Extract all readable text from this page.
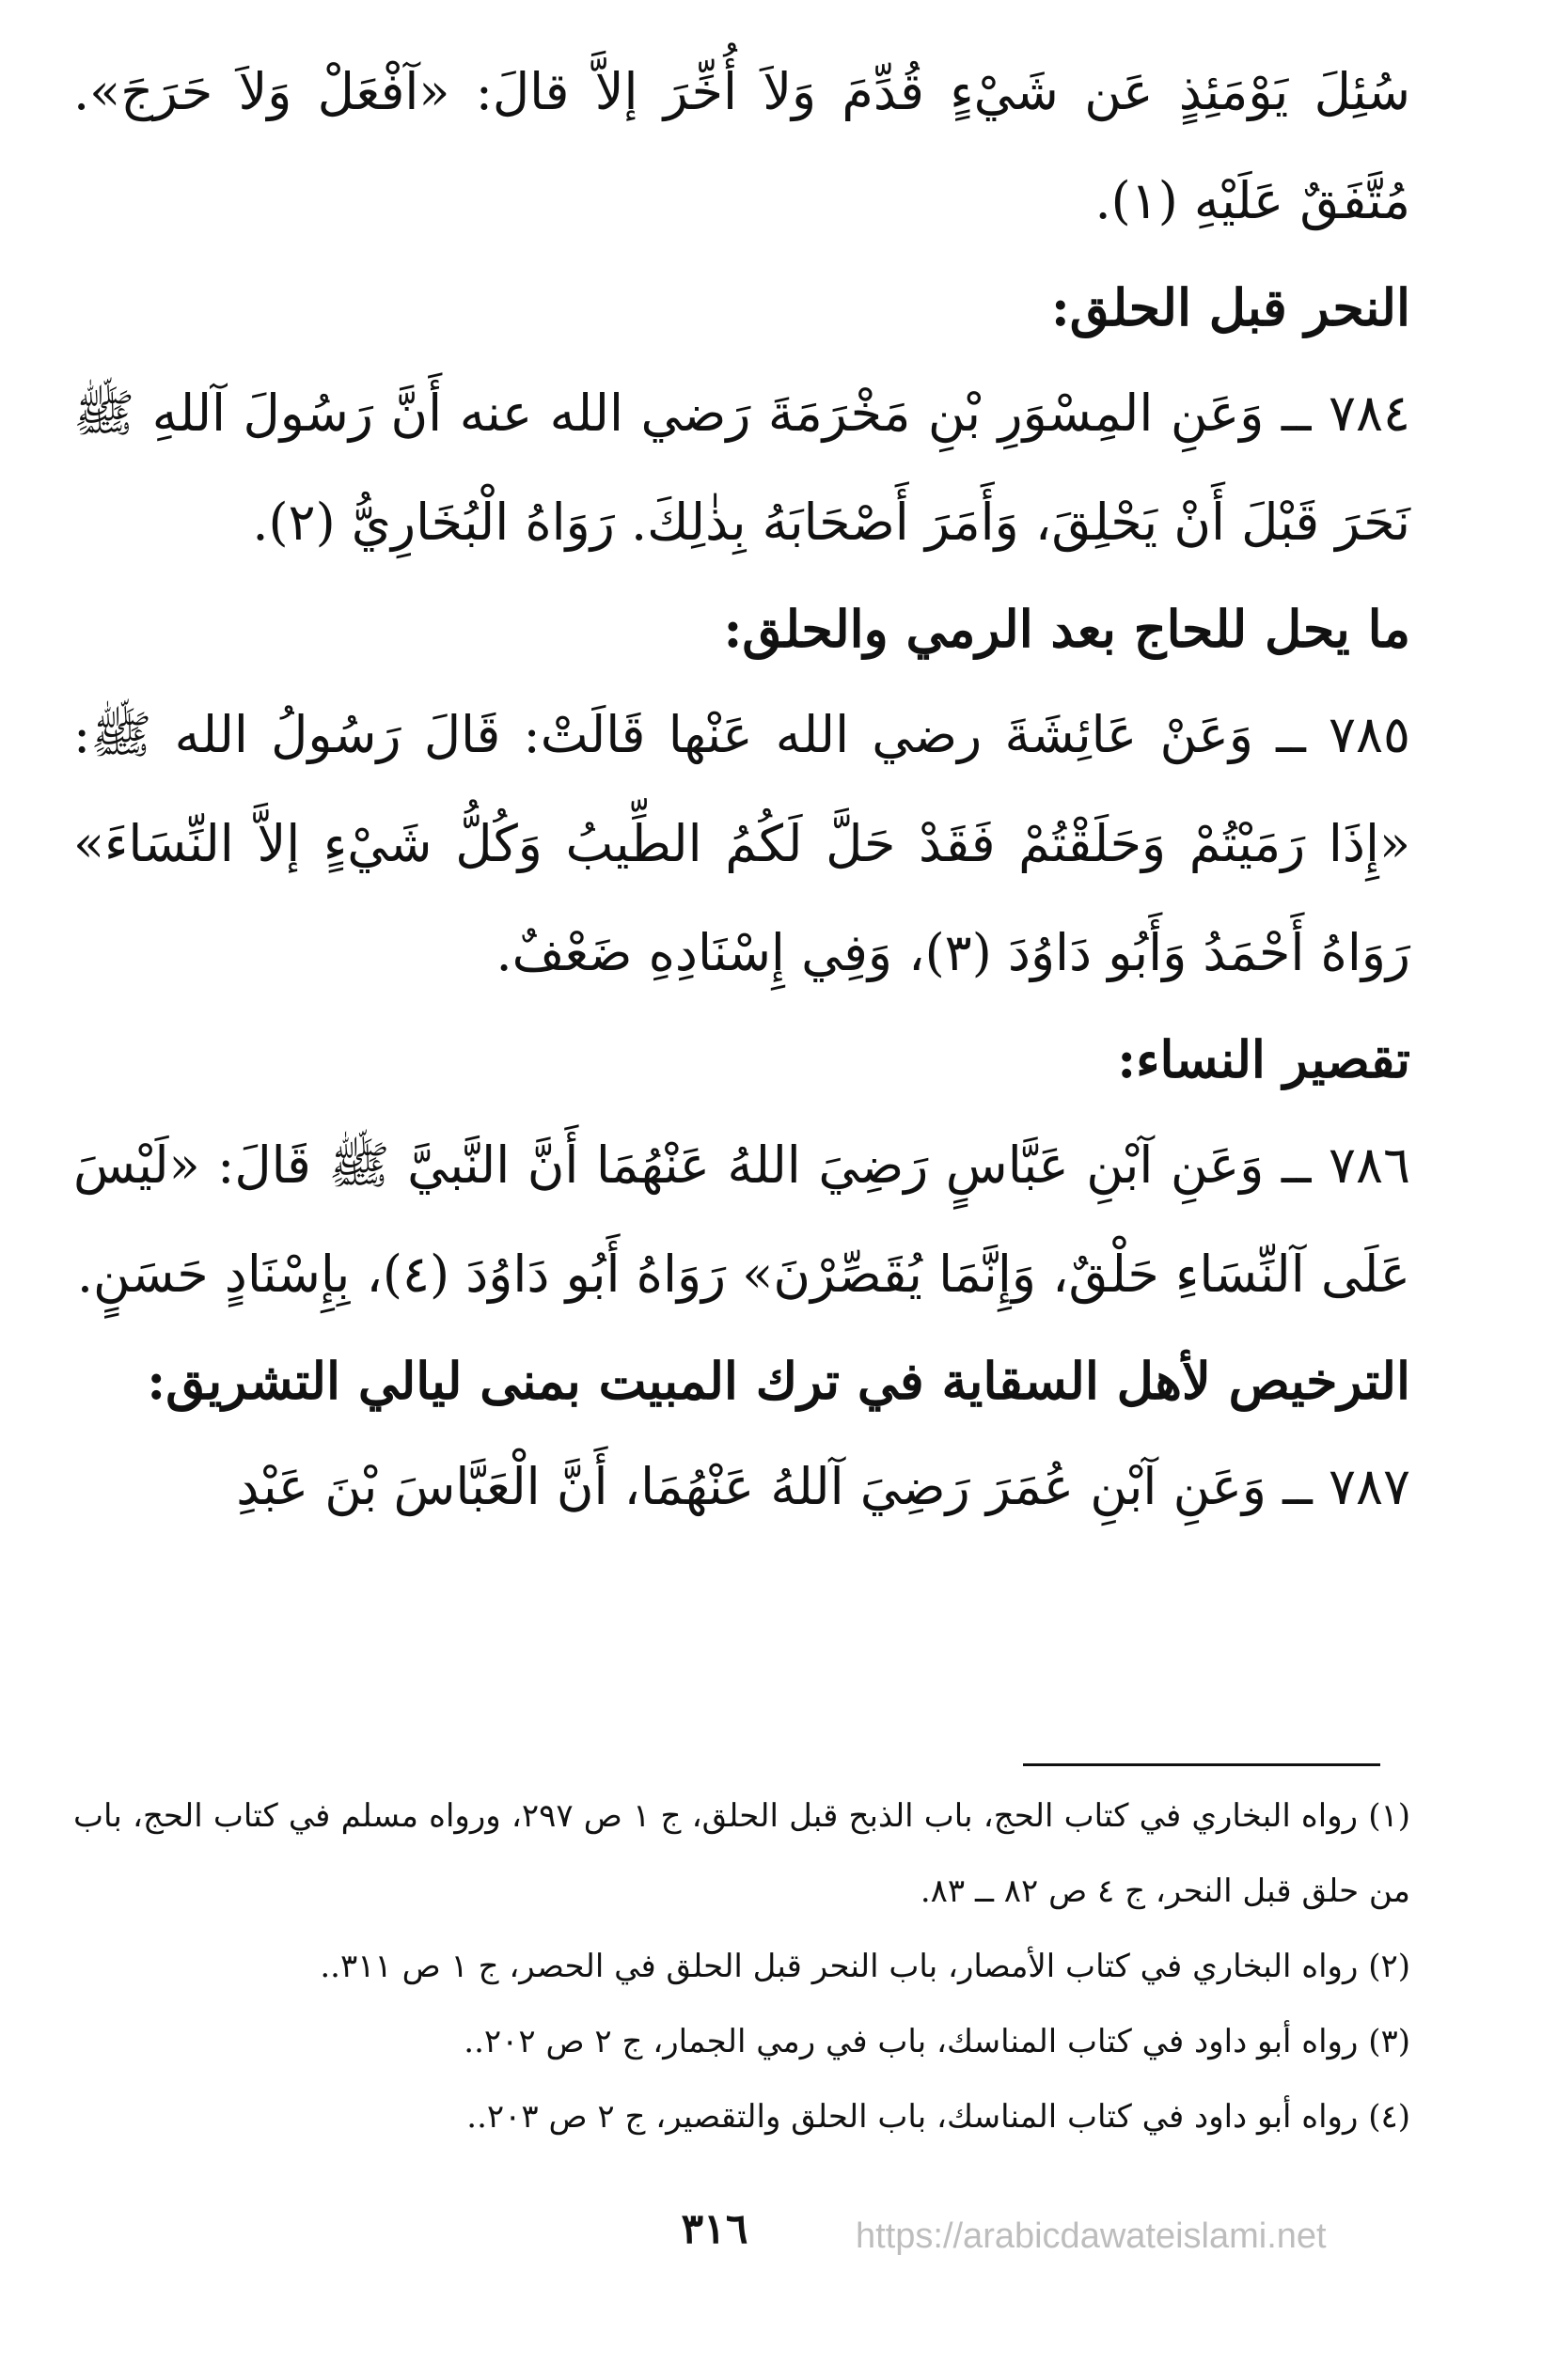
سُئِلَ يَوْمَئِذٍ عَن شَيْءٍ قُدِّمَ وَلاَ أُخِّرَ إلاَّ قالَ: «آفْعَلْ وَلاَ حَرَجَ». مُتَّفَقٌ عَلَيْهِ (١).

النحر قبل الحلق:

٧٨٤ ــ وَعَنِ المِسْوَرِ بْنِ مَخْرَمَةَ رَضي الله عنه أَنَّ رَسُولَ آللهِ ﷺ نَحَرَ قَبْلَ أَنْ يَحْلِقَ، وَأَمَرَ أَصْحَابَهُ بِذٰلِكَ. رَوَاهُ الْبُخَارِيُّ (٢).

ما يحل للحاج بعد الرمي والحلق:

٧٨٥ ــ وَعَنْ عَائِشَةَ رضي الله عَنْها قَالَتْ: قَالَ رَسُولُ الله ﷺ: «إِذَا رَمَيْتُمْ وَحَلَقْتُمْ فَقَدْ حَلَّ لَكُمُ الطِّيبُ وَكُلُّ شَيْءٍ إلاَّ النِّسَاءَ» رَوَاهُ أَحْمَدُ وَأَبُو دَاوُدَ (٣)، وَفِي إِسْنَادِهِ ضَعْفٌ.

تقصير النساء:

٧٨٦ ــ وَعَنِ آبْنِ عَبَّاسٍ رَضِيَ اللهُ عَنْهُمَا أَنَّ النَّبيَّ ﷺ قَالَ: «لَيْسَ عَلَى آلنِّسَاءِ حَلْقٌ، وَإِنَّمَا يُقَصِّرْنَ» رَوَاهُ أَبُو دَاوُدَ (٤)، بِإِسْنَادٍ حَسَنٍ.

الترخيص لأهل السقاية في ترك المبيت بمنى ليالي التشريق:

٧٨٧ ــ وَعَنِ آبْنِ عُمَرَ رَضِيَ آللهُ عَنْهُمَا، أَنَّ الْعَبَّاسَ بْنَ عَبْدِ

(١) رواه البخاري في كتاب الحج، باب الذبح قبل الحلق، ج ١ ص ٢٩٧، ورواه مسلم في كتاب الحج، باب من حلق قبل النحر، ج ٤ ص ٨٢ ــ ٨٣.

(٢) رواه البخاري في كتاب الأمصار، باب النحر قبل الحلق في الحصر، ج ١ ص ٣١١..

(٣) رواه أبو داود في كتاب المناسك، باب في رمي الجمار، ج ٢ ص ٢٠٢..

(٤) رواه أبو داود في كتاب المناسك، باب الحلق والتقصير، ج ٢ ص ٢٠٣..

٣١٦	https://arabicdawateislami.net
